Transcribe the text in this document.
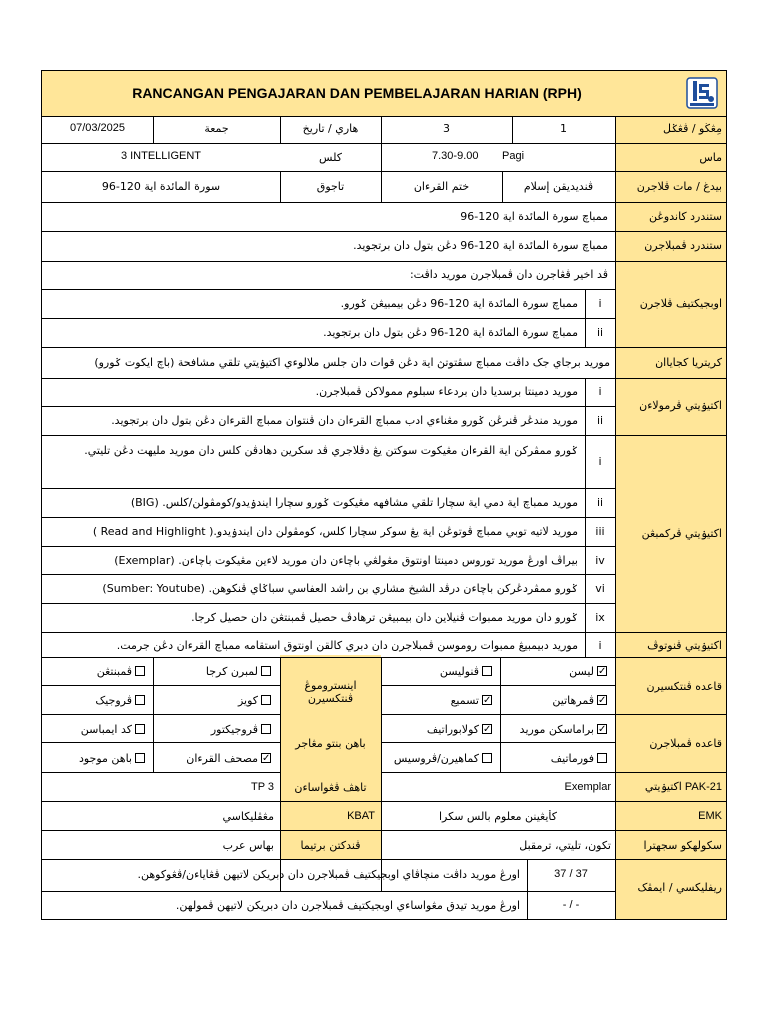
RANCANGAN PENGAJARAN DAN PEMBELAJARAN HARIAN (RPH)
مِڠڬو / ڤڠݢل
1
3
هاري / تاريخ
جمعة
07/03/2025
ماس
Pagi
7.30-9.00
كلس
3 INTELLIGENT
بيدغ / مات ڤلاجرن
ڤنديديقن إسلام
ختم القرءان
تاجوق
سورة المائدة اية 120-96
ستندرد كاندوڠن
ممباچ سورة المائدة اية 120-96
ستندرد ڤمبلاجرن
ممباچ سورة المائدة اية 120-96 دڠن بتول دان برتجويد.
اوبجيكتيف ڤلاجرن
ڤد اخير ڤڠاجرن دان ڤمبلاجرن موريد داڤت:
i
ممباچ سورة المائدة اية 120-96 دڠن بيمبيڠن ݢورو.
ii
ممباچ سورة المائدة اية 120-96 دڠن بتول دان برتجويد.
كريتريا كجاياان
موريد برجاي جک داڤت ممباچ سڤتوتڽ اية دڠن قوات دان جلس ملالوءي اکتيۏيتي تلقي مشافحة (باچ ايكوت ݢورو)
اکتيۏيتي ڤرمولاءن
i
موريد دمينتا برسديا دان بردعاء سبلوم ممولاكن ڤمبلاجرن.
ii
موريد مندڠر ڤنرڠن ݢورو مڠناءي ادب ممباچ القرءان دان ڤنتوان ممباچ القرءان دڠن بتول دان برتجويد.
اکتيۏيتي ڤرکمبڠن
i
ݢورو ممڤركن اية القرءان مڠيكوت سوكتن يڠ دڤلاجري ڤد سکرين دهادڤن كلس دان موريد مليهت دڠن تليتي.
ii
موريد ممباچ اية دمي اية سچارا تلقي مشافهه مڠيكوت ݢورو سچارا ايندۏيدو/كومڤولن/كلس. (BIG)
iii
موريد لاتيه توبي ممباچ ڤوتوڠن اية يڠ سوكر سچارا كلس، كومڤولن دان ايندۏيدو.( Read and Highlight )
iv
بيراڤ اورڠ موريد توروس دمينتا اونتوق مڠولڠي باچاءن دان موريد لاءين مڠيكوت باچاءن. (Exemplar)
vi
ݢورو ممڤردڠركن باچاءن درڤد الشيخ مشاري بن راشد العفاسي سباݢاي ڤنكوهن. (Sumber: Youtube)
ix
ݢورو دان موريد ممبوات ڤنيلاين دان بيمبيڠن ترهادڤ حصيل ڤمبنتڠن دان حصيل كرجا.
اکتيۏيتي ڤنوتوڤ
i
موريد دبيمبيڠ ممبوات روموسن ڤمبلاجرن دان دبري كالقن اونتوق استقامه ممباچ القرءان دڠن جرمت.
قاعده ڤنتكسيرن
قاعده ڤمبلاجرن
اينستروموڠ ڤنتكسيرن
باهن بنتو مڠاجر
ليسن ✓
ڤنوليسن
ڤمرهاتين ✓
تسميع ✓
براماسكن موريد ✓
كولابوراتيف ✓
فورماتيف
كماهيرن/ڤروسيس
لمبرن كرجا
ڤمبنتڠن
كويز
ڤروجيک
ڤروجيكتور
كد ايمباسن
مصحف القرءان ✓
باهن موجود
PAK-21 اکتيۏيتي
Exemplar
تاهڤ ڤڠواساءن
TP 3
EMK
كأيڠينن معلوم بالس سكرا
KBAT
مڠڤليكاسي
سکولهکو سجهترا
تكون، تليتي، ترمقبل
ڤندكتن برتيما
بهاس عرب
ريفليكسي / ايمڤک
37 / 37
اورڠ موريد داڤت منچاڤاي اوبجيكتيف ڤمبلاجرن دان دبريكن لاتيهن ڤڠاياءن/ڤڠوكوهن.
- / -
اورڠ موريد تيدق مڠواساءي اوبجيكتيف ڤمبلاجرن دان دبريكن لاتيهن ڤمولهن.
